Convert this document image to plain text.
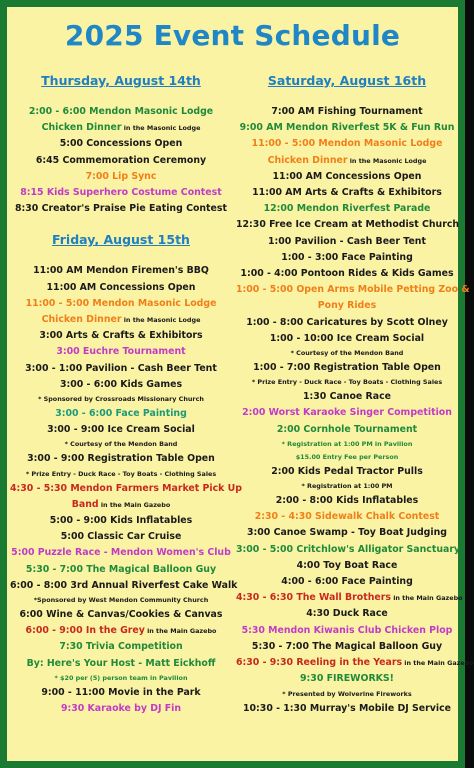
2025 Event Schedule
Thursday, August 14th
2:00 - 6:00 Mendon Masonic Lodge
Chicken Dinner in the Masonic Lodge
5:00 Concessions Open
6:45 Commemoration Ceremony
7:00 Lip Sync
8:15 Kids Superhero Costume Contest
8:30 Creator's Praise Pie Eating Contest
Friday, August 15th
11:00 AM Mendon Firemen's BBQ
11:00 AM Concessions Open
11:00 - 5:00 Mendon Masonic Lodge
Chicken Dinner in the Masonic Lodge
3:00 Arts & Crafts & Exhibitors
3:00 Euchre Tournament
3:00 - 1:00 Pavilion - Cash Beer Tent
3:00 - 6:00 Kids Games
* Sponsored by Crossroads Missionary Church
3:00 - 6:00 Face Painting
3:00 - 9:00 Ice Cream Social
* Courtesy of the Mendon Band
3:00 - 9:00 Registration Table Open
* Prize Entry - Duck Race - Toy Boats - Clothing Sales
4:30 - 5:30 Mendon Farmers Market Pick Up
Band in the Main Gazebo
5:00 - 9:00 Kids Inflatables
5:00 Classic Car Cruise
5:00 Puzzle Race - Mendon Women's Club
5:30 - 7:00 The Magical Balloon Guy
6:00 - 8:00 3rd Annual Riverfest Cake Walk
*Sponsored by West Mendon Community Church
6:00 Wine & Canvas/Cookies & Canvas
6:00 - 9:00 In the Grey in the Main Gazebo
7:30 Trivia Competition
By: Here's Your Host - Matt Eickhoff
* $20 per (5) person team in Pavilion
9:00 - 11:00 Movie in the Park
9:30 Karaoke by DJ Fin
Saturday, August 16th
7:00 AM Fishing Tournament
9:00 AM Mendon Riverfest 5K & Fun Run
11:00 - 5:00 Mendon Masonic Lodge
Chicken Dinner in the Masonic Lodge
11:00 AM Concessions Open
11:00 AM Arts & Crafts & Exhibitors
12:00 Mendon Riverfest Parade
12:30 Free Ice Cream at Methodist Church
1:00 Pavilion - Cash Beer Tent
1:00 - 3:00 Face Painting
1:00 - 4:00 Pontoon Rides & Kids Games
1:00 - 5:00 Open Arms Mobile Petting Zoo &
Pony Rides
1:00 - 8:00 Caricatures by Scott Olney
1:00 - 10:00 Ice Cream Social
* Courtesy of the Mendon Band
1:00 - 7:00 Registration Table Open
* Prize Entry - Duck Race - Toy Boats - Clothing Sales
1:30 Canoe Race
2:00 Worst Karaoke Singer Competition
2:00 Cornhole Tournament
* Registration at 1:00 PM in Pavilion
$15.00 Entry Fee per Person
2:00 Kids Pedal Tractor Pulls
* Registration at 1:00 PM
2:00 - 8:00 Kids Inflatables
2:30 - 4:30 Sidewalk Chalk Contest
3:00 Canoe Swamp - Toy Boat Judging
3:00 - 5:00 Critchlow's Alligator Sanctuary
4:00 Toy Boat Race
4:00 - 6:00 Face Painting
4:30 - 6:30 The Wall Brothers in the Main Gazebo
4:30 Duck Race
5:30 Mendon Kiwanis Club Chicken Plop
5:30 - 7:00 The Magical Balloon Guy
6:30 - 9:30 Reeling in the Years in the Main Gazebo
9:30 FIREWORKS!
* Presented by Wolverine Fireworks
10:30 - 1:30 Murray's Mobile DJ Service
